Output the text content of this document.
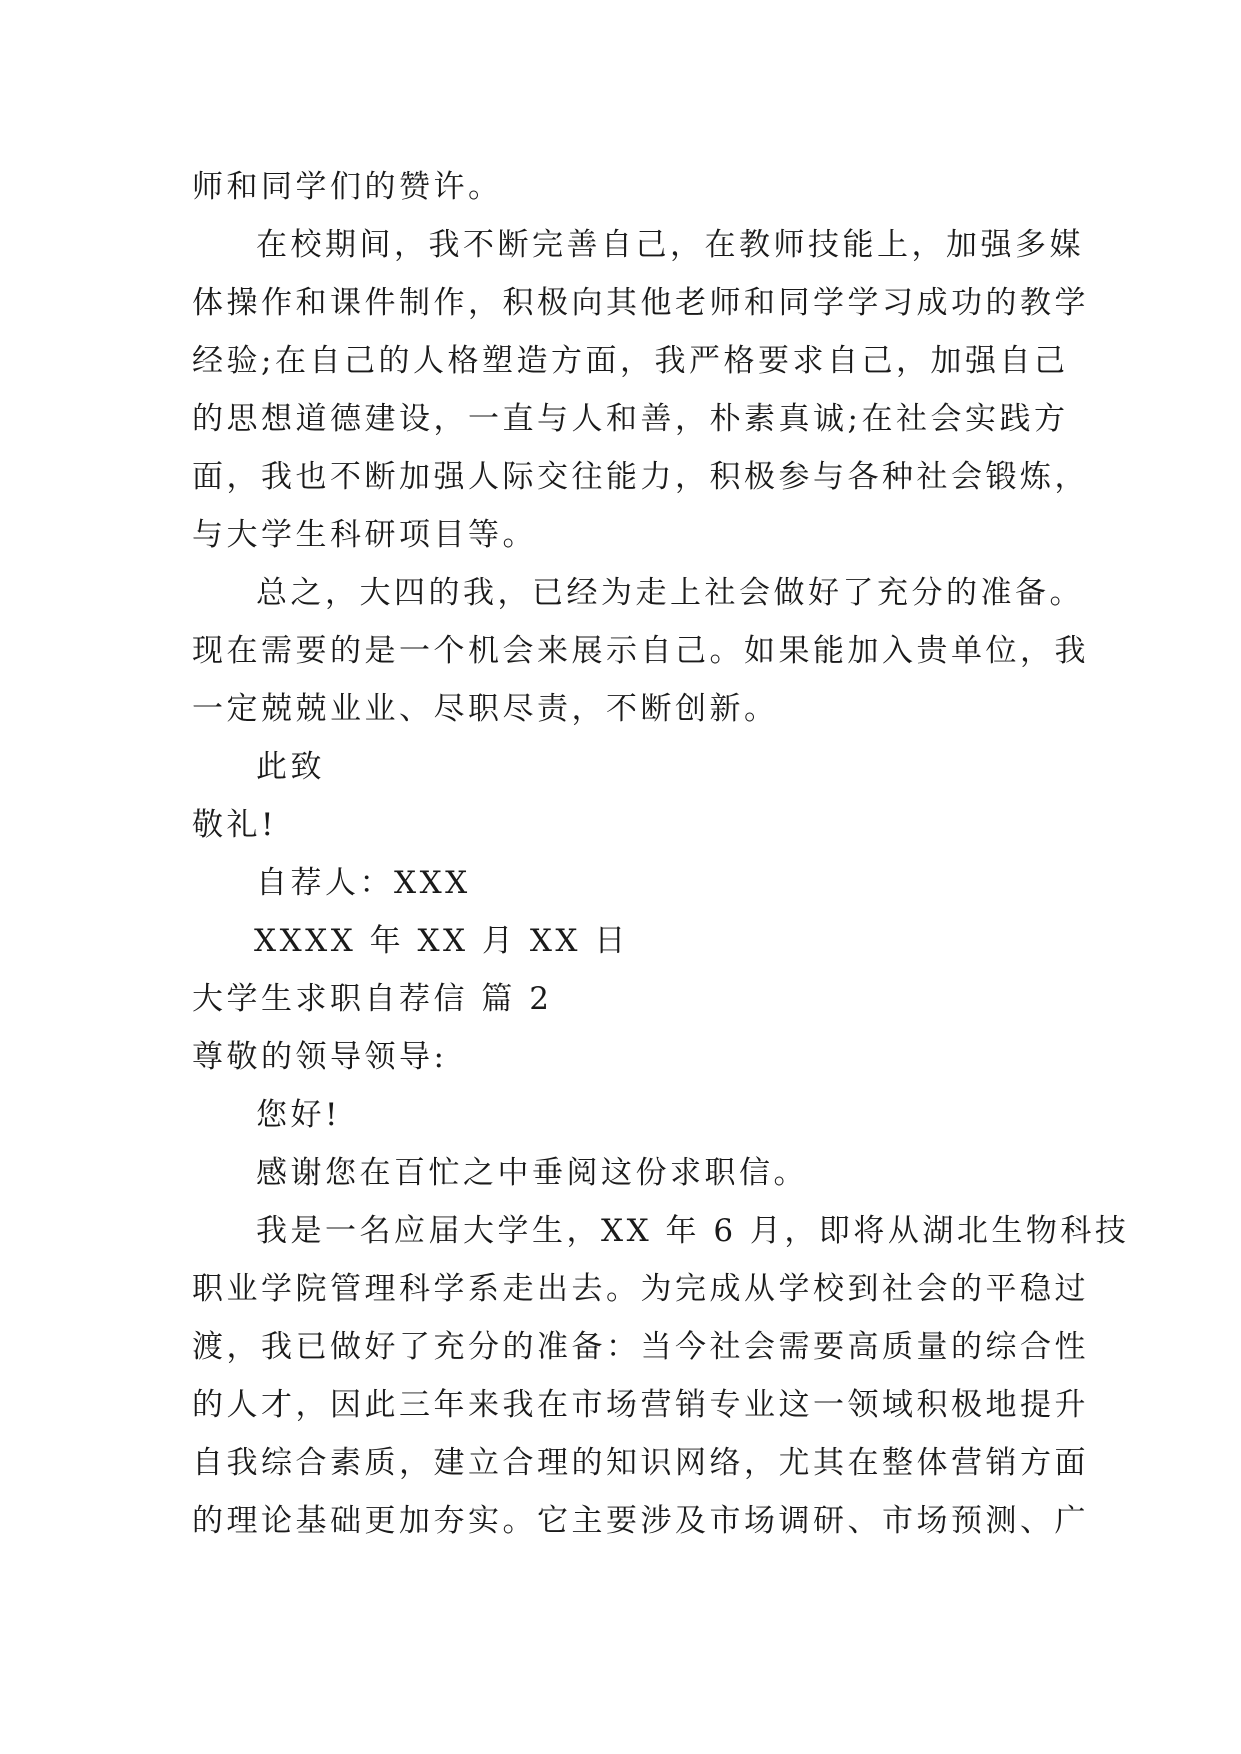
师和同学们的赞许。
在校期间，我不断完善自己，在教师技能上，加强多媒
体操作和课件制作，积极向其他老师和同学学习成功的教学
经验;在自己的人格塑造方面，我严格要求自己，加强自己
的思想道德建设，一直与人和善，朴素真诚;在社会实践方
面，我也不断加强人际交往能力，积极参与各种社会锻炼，
与大学生科研项目等。
总之，大四的我，已经为走上社会做好了充分的准备。
现在需要的是一个机会来展示自己。如果能加入贵单位，我
一定兢兢业业、尽职尽责，不断创新。
此致
敬礼!
自荐人：XXX
XXXX 年 XX 月 XX 日
大学生求职自荐信 篇 2
尊敬的领导领导:
您好!
感谢您在百忙之中垂阅这份求职信。
我是一名应届大学生，XX 年 6 月，即将从湖北生物科技
职业学院管理科学系走出去。为完成从学校到社会的平稳过
渡，我已做好了充分的准备：当今社会需要高质量的综合性
的人才，因此三年来我在市场营销专业这一领域积极地提升
自我综合素质，建立合理的知识网络，尤其在整体营销方面
的理论基础更加夯实。它主要涉及市场调研、市场预测、广
